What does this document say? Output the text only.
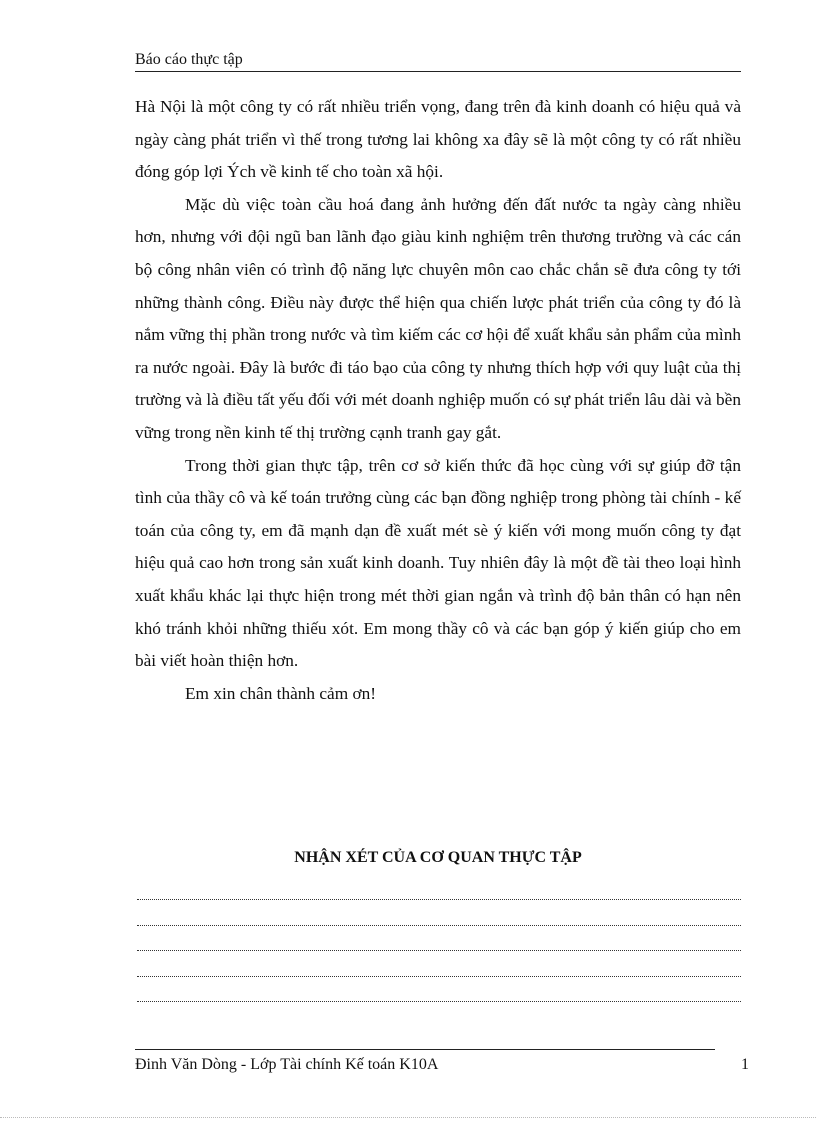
Báo cáo thực tập

Hà Nội là một công ty có rất nhiều triển vọng, đang trên đà kinh doanh có hiệu quả và ngày càng phát triển vì thế trong tương lai không xa đây sẽ là một công ty có rất nhiều đóng góp lợi Ých về kinh tế cho toàn xã hội.

Mặc dù việc toàn cầu hoá đang ảnh hưởng đến đất nước ta ngày càng nhiều hơn, nhưng với đội ngũ ban lãnh đạo giàu kinh nghiệm trên thương trường và các cán bộ công nhân viên có trình độ năng lực chuyên môn cao chắc chắn sẽ đưa công ty tới những thành công. Điều này được thể hiện qua chiến lược phát triển của công ty đó là nắm vững thị phần trong nước và tìm kiếm các cơ hội để xuất khẩu sản phẩm của mình ra nước ngoài. Đây là bước đi táo bạo của công ty nhưng thích hợp với quy luật của thị trường và là điều tất yếu đối với mét doanh nghiệp muốn có sự phát triển lâu dài và bền vững trong nền kinh tế thị trường cạnh tranh gay gắt.

Trong thời gian thực tập, trên cơ sở kiến thức đã học cùng với sự giúp đỡ tận tình của thầy cô và kế toán trưởng cùng các bạn đồng nghiệp trong phòng tài chính - kế toán của công ty, em đã mạnh dạn đề xuất mét sè ý kiến với mong muốn công ty đạt hiệu quả cao hơn trong sản xuất kinh doanh. Tuy nhiên đây là một đề tài theo loại hình xuất khẩu khác lại thực hiện trong mét thời gian ngắn và trình độ bản thân có hạn nên khó tránh khỏi những thiếu xót. Em mong thầy cô và các bạn góp ý kiến giúp cho em bài viết hoàn thiện hơn.

Em xin chân thành cảm ơn!

NHẬN XÉT CỦA CƠ QUAN THỰC TẬP
Đinh Văn Dòng - Lớp Tài chính Kế toán K10A	1
